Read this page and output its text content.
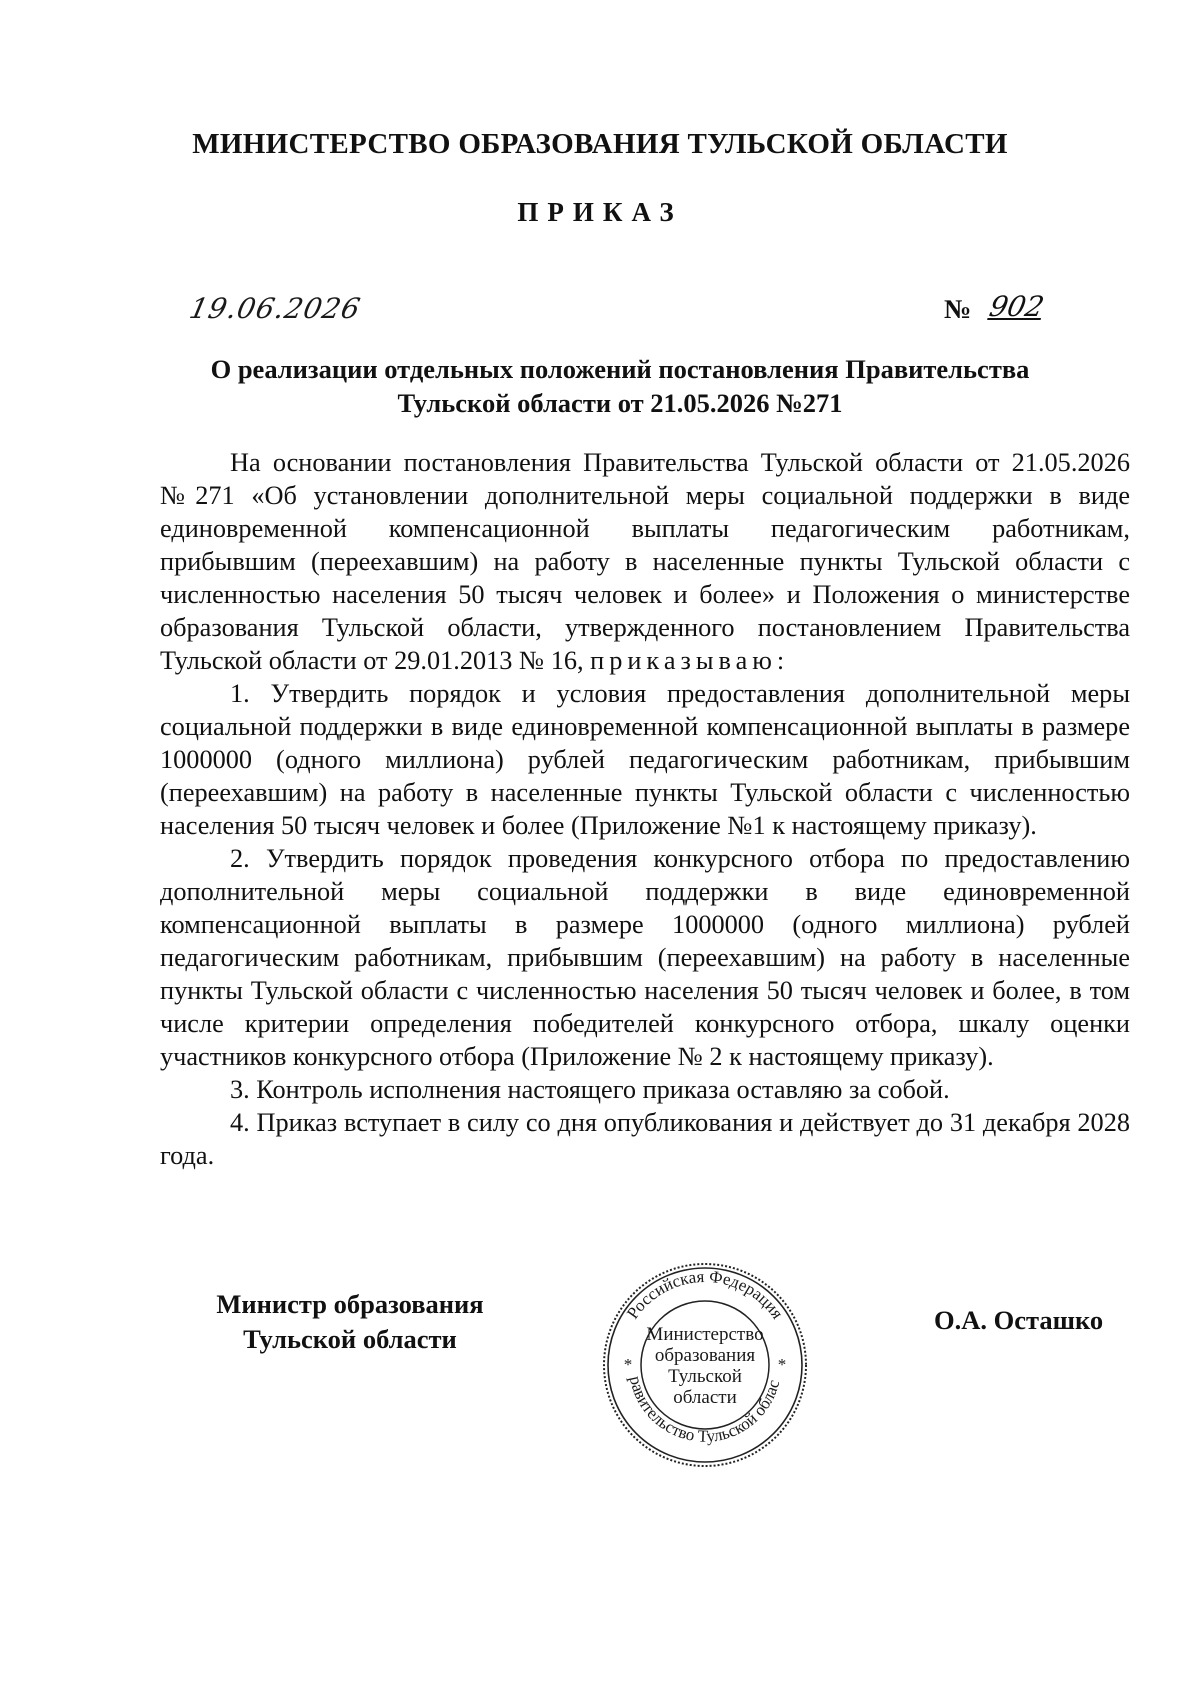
МИНИСТЕРСТВО ОБРАЗОВАНИЯ ТУЛЬСКОЙ ОБЛАСТИ
ПРИКАЗ
19.06.2026	№ 902
О реализации отдельных положений постановления Правительства
Тульской области от 21.05.2026 №271

На основании постановления Правительства Тульской области от 21.05.2026 №271 «Об установлении дополнительной меры социальной поддержки в виде единовременной компенсационной выплаты педагогическим работникам, прибывшим (переехавшим) на работу в населенные пункты Тульской области с численностью населения 50 тысяч человек и более» и Положения о министерстве образования Тульской области, утвержденного постановлением Правительства Тульской области от 29.01.2013 № 16, приказываю:

1. Утвердить порядок и условия предоставления дополнительной меры социальной поддержки в виде единовременной компенсационной выплаты в размере 1000000 (одного миллиона) рублей педагогическим работникам, прибывшим (переехавшим) на работу в населенные пункты Тульской области с численностью населения 50 тысяч человек и более (Приложение №1 к настоящему приказу).

2. Утвердить порядок проведения конкурсного отбора по предоставлению дополнительной меры социальной поддержки в виде единовременной компенсационной выплаты в размере 1000000 (одного миллиона) рублей педагогическим работникам, прибывшим (переехавшим) на работу в населенные пункты Тульской области с численностью населения 50 тысяч человек и более, в том числе критерии определения победителей конкурсного отбора, шкалу оценки участников конкурсного отбора (Приложение № 2 к настоящему приказу).

3. Контроль исполнения настоящего приказа оставляю за собой.

4. Приказ вступает в силу со дня опубликования и действует до 31 декабря 2028 года.

Министр образования
Тульской области
Российская Федерация
равительство Тульской облас
*	*
Министерство
образования
Тульской
области
О.А. Осташко
